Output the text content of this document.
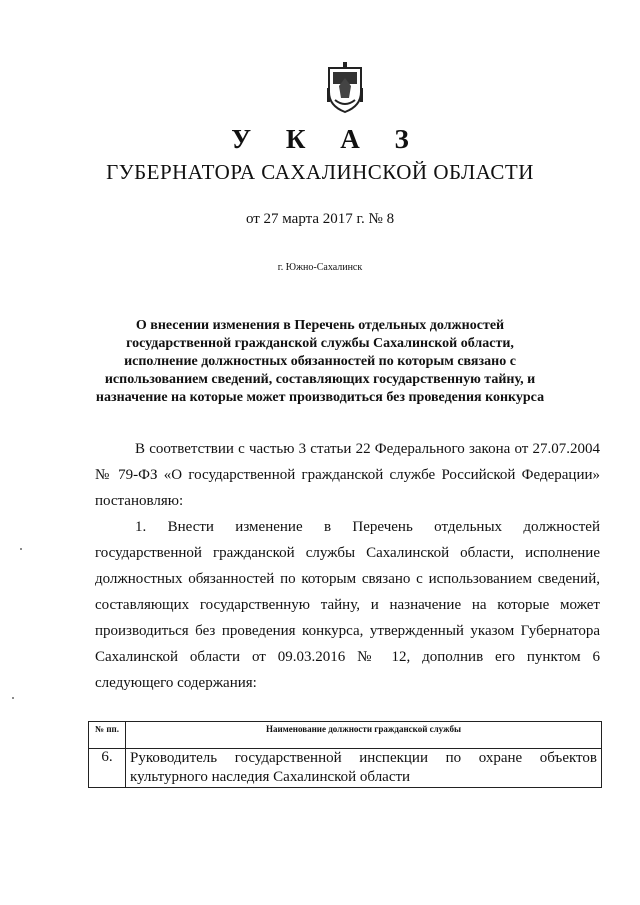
У К А З
ГУБЕРНАТОРА САХАЛИНСКОЙ ОБЛАСТИ
от 27 марта 2017 г. № 8
г. Южно-Сахалинск
О внесении изменения в Перечень отдельных должностей
государственной гражданской службы Сахалинской области,
исполнение должностных обязанностей по которым связано с
использованием сведений, составляющих государственную тайну, и
назначение на которые может производиться без проведения конкурса
В соответствии с частью 3 статьи 22 Федерального закона от 27.07.2004
№ 79-ФЗ «О государственной гражданской службе Российской Федерации»
постановляю:
1. Внести изменение в Перечень отдельных должностей
государственной гражданской службы Сахалинской области, исполнение
должностных обязанностей по которым связано с использованием сведений,
составляющих государственную тайну, и назначение на которые может
производиться без проведения конкурса, утвержденный указом Губернатора
Сахалинской области от 09.03.2016 № 12, дополнив его пунктом 6
следующего содержания:
№ пп.	Наименование должности гражданской службы
6.	Руководитель государственной инспекции по охране объектов
культурного наследия Сахалинской области
